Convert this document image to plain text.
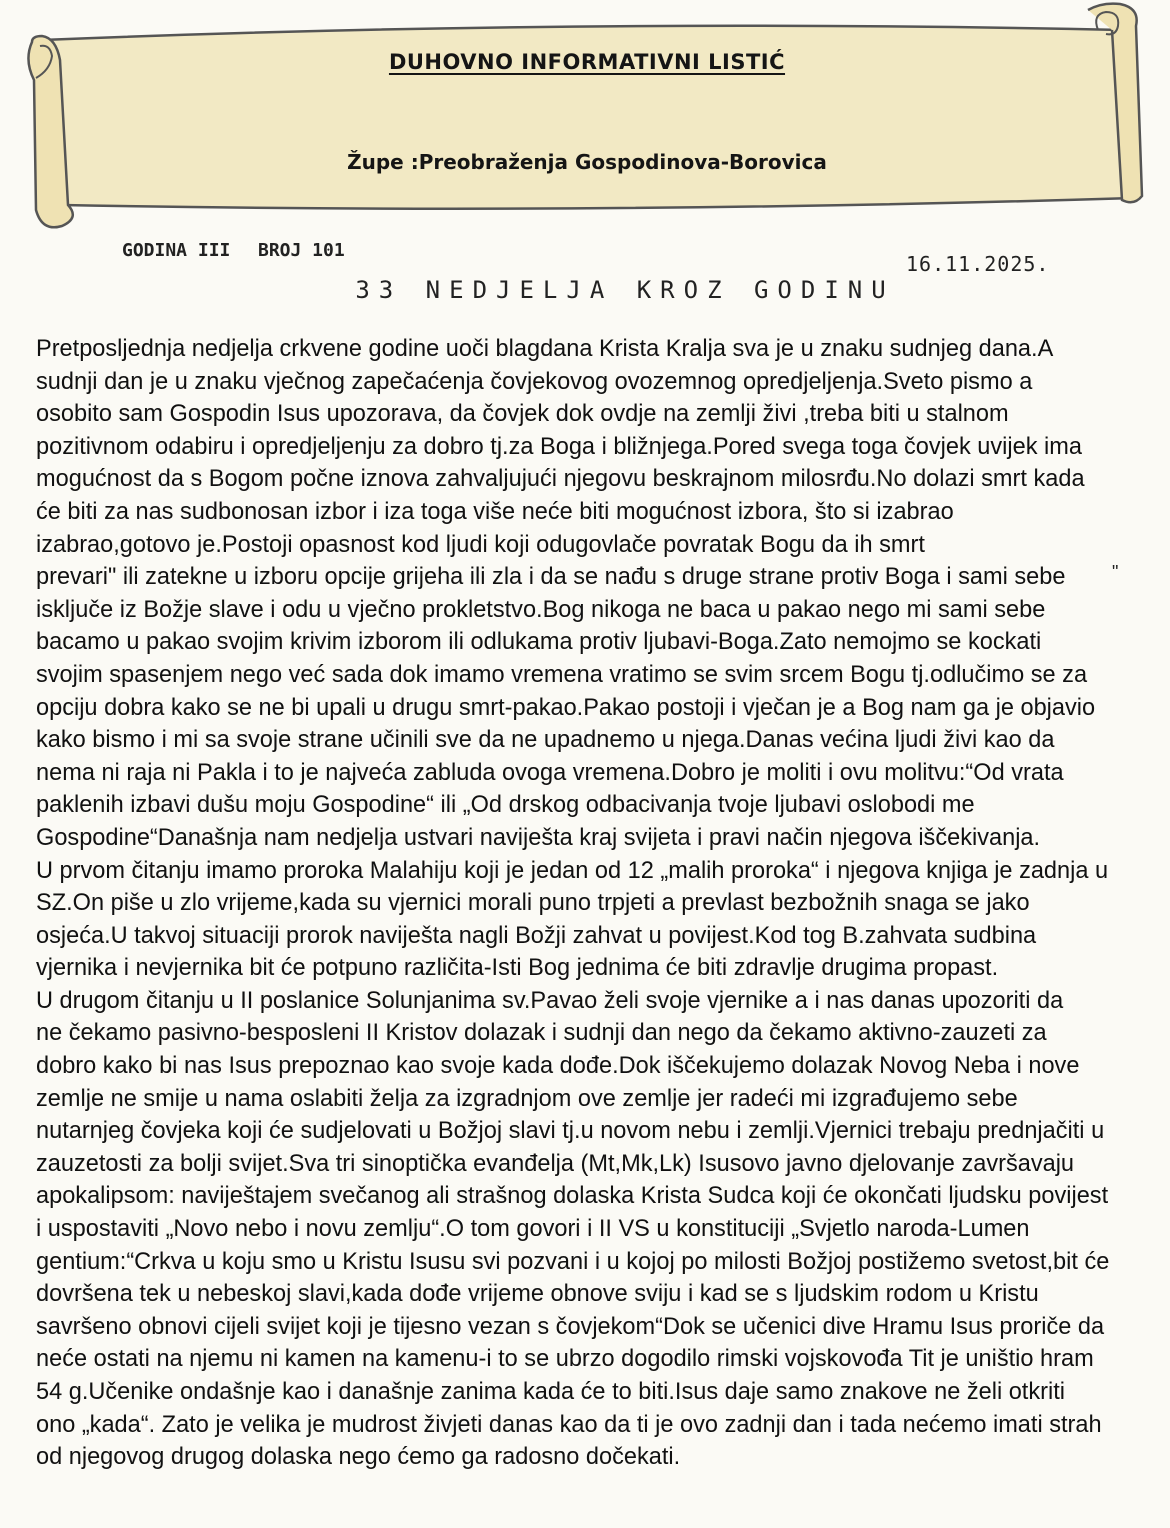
DUHOVNO INFORMATIVNI LISTIĆ
Župe :Preobraženja Gospodinova-Borovica
GODINA III BROJ 101
16.11.2025.
33 NEDJELJA KROZ GODINU
"
Pretposljednja nedjelja crkvene godine uoči blagdana Krista Kralja sva je u znaku sudnjeg dana.A
sudnji dan je u znaku vječnog zapečaćenja čovjekovog ovozemnog opredjeljenja.Sveto pismo a
osobito sam Gospodin Isus upozorava, da čovjek dok ovdje na zemlji živi ,treba biti u stalnom
pozitivnom odabiru i opredjeljenju za dobro tj.za Boga i bližnjega.Pored svega toga čovjek uvijek ima
mogućnost da s Bogom počne iznova zahvaljujući njegovu beskrajnom milosrđu.No dolazi smrt kada
će biti za nas sudbonosan izbor i iza toga više neće biti mogućnost izbora, što si izabrao
izabrao,gotovo je.Postoji opasnost kod ljudi koji odugovlače povratak Bogu da ih smrt
prevari" ili zatekne u izboru opcije grijeha ili zla i da se nađu s druge strane protiv Boga i sami sebe
isključe iz Božje slave i odu u vječno prokletstvo.Bog nikoga ne baca u pakao nego mi sami sebe
bacamo u pakao svojim krivim izborom ili odlukama protiv ljubavi-Boga.Zato nemojmo se kockati
svojim spasenjem nego već sada dok imamo vremena vratimo se svim srcem Bogu tj.odlučimo se za
opciju dobra kako se ne bi upali u drugu smrt-pakao.Pakao postoji i vječan je a Bog nam ga je objavio
kako bismo i mi sa svoje strane učinili sve da ne upadnemo u njega.Danas većina ljudi živi kao da
nema ni raja ni Pakla i to je najveća zabluda ovoga vremena.Dobro je moliti i ovu molitvu:“Od vrata
paklenih izbavi dušu moju Gospodine“ ili „Od drskog odbacivanja tvoje ljubavi oslobodi me
Gospodine“Današnja nam nedjelja ustvari naviješta kraj svijeta i pravi način njegova iščekivanja.
U prvom čitanju imamo proroka Malahiju koji je jedan od 12 „malih proroka“ i njegova knjiga je zadnja u
SZ.On piše u zlo vrijeme,kada su vjernici morali puno trpjeti a prevlast bezbožnih snaga se jako
osjeća.U takvoj situaciji prorok naviješta nagli Božji zahvat u povijest.Kod tog B.zahvata sudbina
vjernika i nevjernika bit će potpuno različita-Isti Bog jednima će biti zdravlje drugima propast.
U drugom čitanju u II poslanice Solunjanima sv.Pavao želi svoje vjernike a i nas danas upozoriti da
ne čekamo pasivno-besposleni II Kristov dolazak i sudnji dan nego da čekamo aktivno-zauzeti za
dobro kako bi nas Isus prepoznao kao svoje kada dođe.Dok iščekujemo dolazak Novog Neba i nove
zemlje ne smije u nama oslabiti želja za izgradnjom ove zemlje jer radeći mi izgrađujemo sebe
nutarnjeg čovjeka koji će sudjelovati u Božjoj slavi tj.u novom nebu i zemlji.Vjernici trebaju prednjačiti u
zauzetosti za bolji svijet.Sva tri sinoptička evanđelja (Mt,Mk,Lk) Isusovo javno djelovanje završavaju
apokalipsom: naviještajem svečanog ali strašnog dolaska Krista Sudca koji će okončati ljudsku povijest
i uspostaviti „Novo nebo i novu zemlju“.O tom govori i II VS u konstituciji „Svjetlo naroda-Lumen
gentium:“Crkva u koju smo u Kristu Isusu svi pozvani i u kojoj po milosti Božjoj postižemo svetost,bit će
dovršena tek u nebeskoj slavi,kada dođe vrijeme obnove sviju i kad se s ljudskim rodom u Kristu
savršeno obnovi cijeli svijet koji je tijesno vezan s čovjekom“Dok se učenici dive Hramu Isus proriče da
neće ostati na njemu ni kamen na kamenu-i to se ubrzo dogodilo rimski vojskovođa Tit je uništio hram
54 g.Učenike ondašnje kao i današnje zanima kada će to biti.Isus daje samo znakove ne želi otkriti
ono „kada“. Zato je velika je mudrost živjeti danas kao da ti je ovo zadnji dan i tada nećemo imati strah
od njegovog drugog dolaska nego ćemo ga radosno dočekati.
